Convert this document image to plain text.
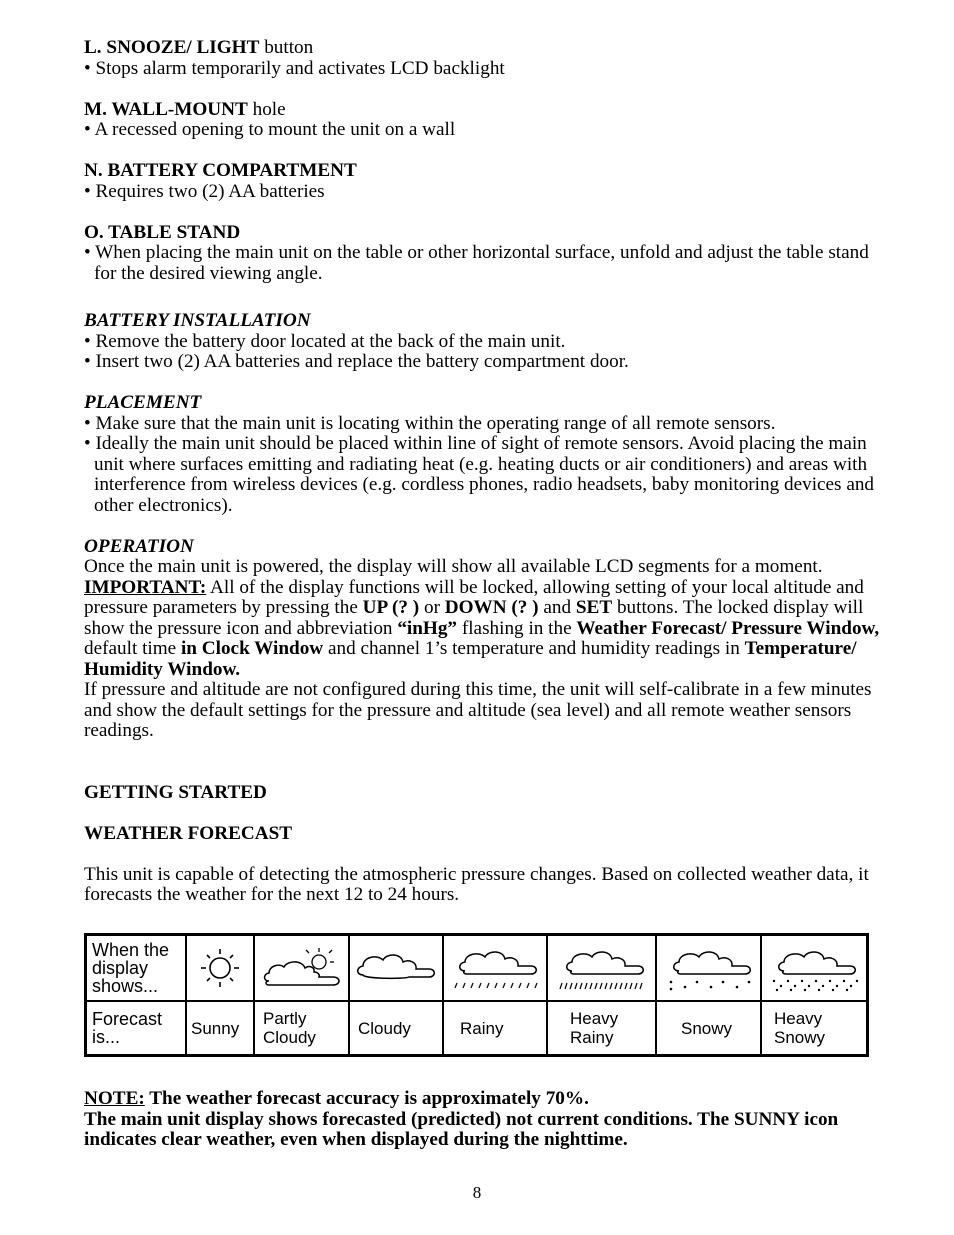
L. SNOOZE/ LIGHT button
• Stops alarm temporarily and activates LCD backlight
M. WALL-MOUNT hole
• A recessed opening to mount the unit on a wall
N. BATTERY COMPARTMENT
• Requires two (2) AA batteries
O. TABLE STAND
• When placing the main unit on the table or other horizontal surface, unfold and adjust the table stand for the desired viewing angle.
BATTERY INSTALLATION
• Remove the battery door located at the back of the main unit.
• Insert two (2) AA batteries and replace the battery compartment door.
PLACEMENT
• Make sure that the main unit is locating within the operating range of all remote sensors.
• Ideally the main unit should be placed within line of sight of remote sensors. Avoid placing the main unit where surfaces emitting and radiating heat (e.g. heating ducts or air conditioners) and areas with interference from wireless devices (e.g. cordless phones, radio headsets, baby monitoring devices and other electronics).
OPERATION
Once the main unit is powered, the display will show all available LCD segments for a moment.
IMPORTANT: All of the display functions will be locked, allowing setting of your local altitude and pressure parameters by pressing the UP (? ) or DOWN (? ) and SET buttons. The locked display will show the pressure icon and abbreviation “inHg” flashing in the Weather Forecast/ Pressure Window, default time in Clock Window and channel 1’s temperature and humidity readings in Temperature/ Humidity Window.
If pressure and altitude are not configured during this time, the unit will self-calibrate in a few minutes and show the default settings for the pressure and altitude (sea level) and all remote weather sensors readings.
GETTING STARTED
WEATHER FORECAST
This unit is capable of detecting the atmospheric pressure changes. Based on collected weather data, it forecasts the weather for the next 12 to 24 hours.
When the display shows...

Forecast is...	Sunny	Partly Cloudy	Cloudy	Rainy	Heavy Rainy	Snowy	Heavy Snowy
NOTE: The weather forecast accuracy is approximately 70%.
The main unit display shows forecasted (predicted) not current conditions. The SUNNY icon indicates clear weather, even when displayed during the nighttime.
8
